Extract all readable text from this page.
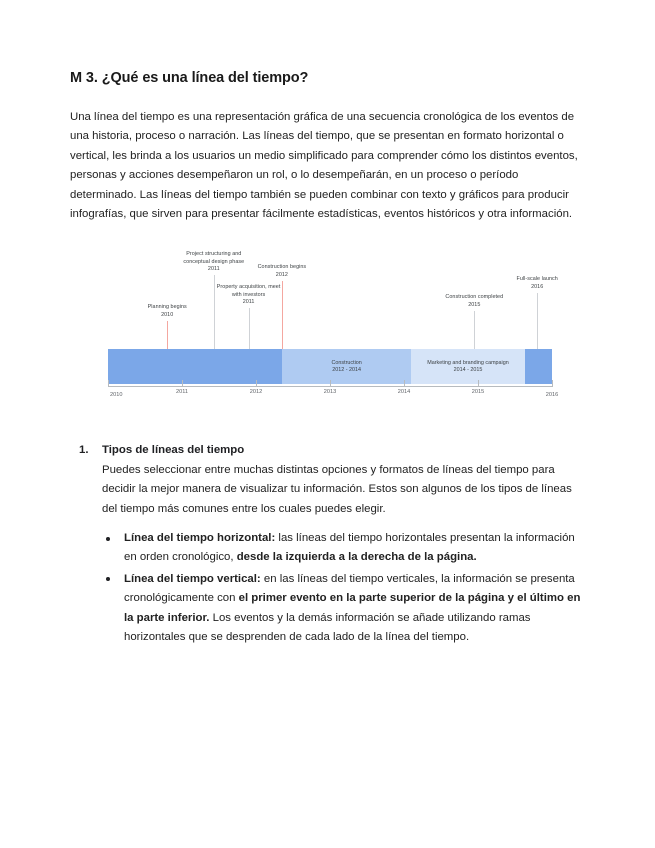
M 3. ¿Qué es una línea del tiempo?

Una línea del tiempo es una representación gráfica de una secuencia cronológica de los eventos de una historia, proceso o narración. Las líneas del tiempo, que se presentan en formato horizontal o vertical, les brinda a los usuarios un medio simplificado para comprender cómo los distintos eventos, personas y acciones desempeñaron un rol, o lo desempeñarán, en un proceso o período determinado. Las líneas del tiempo también se pueden combinar con texto y gráficos para producir infografías, que sirven para presentar fácilmente estadísticas, eventos históricos y otra información.

Planning begins
2010
Project structuring and conceptual design phase
2011
Property acquisition, meet with investors
2011
Construction begins
2012
Construction completed
2015
Full-scale launch
2016
Construction
2012 - 2014
Marketing and branding campaign
2014 - 2015
2010	2011	2012	2013	2014	2015	2016
1. Tipos de líneas del tiempo
Puedes seleccionar entre muchas distintas opciones y formatos de líneas del tiempo para decidir la mejor manera de visualizar tu información. Estos son algunos de los tipos de líneas del tiempo más comunes entre los cuales puedes elegir.
Línea del tiempo horizontal: las líneas del tiempo horizontales presentan la información en orden cronológico, desde la izquierda a la derecha de la página.
Línea del tiempo vertical: en las líneas del tiempo verticales, la información se presenta cronológicamente con el primer evento en la parte superior de la página y el último en la parte inferior. Los eventos y la demás información se añade utilizando ramas horizontales que se desprenden de cada lado de la línea del tiempo.
